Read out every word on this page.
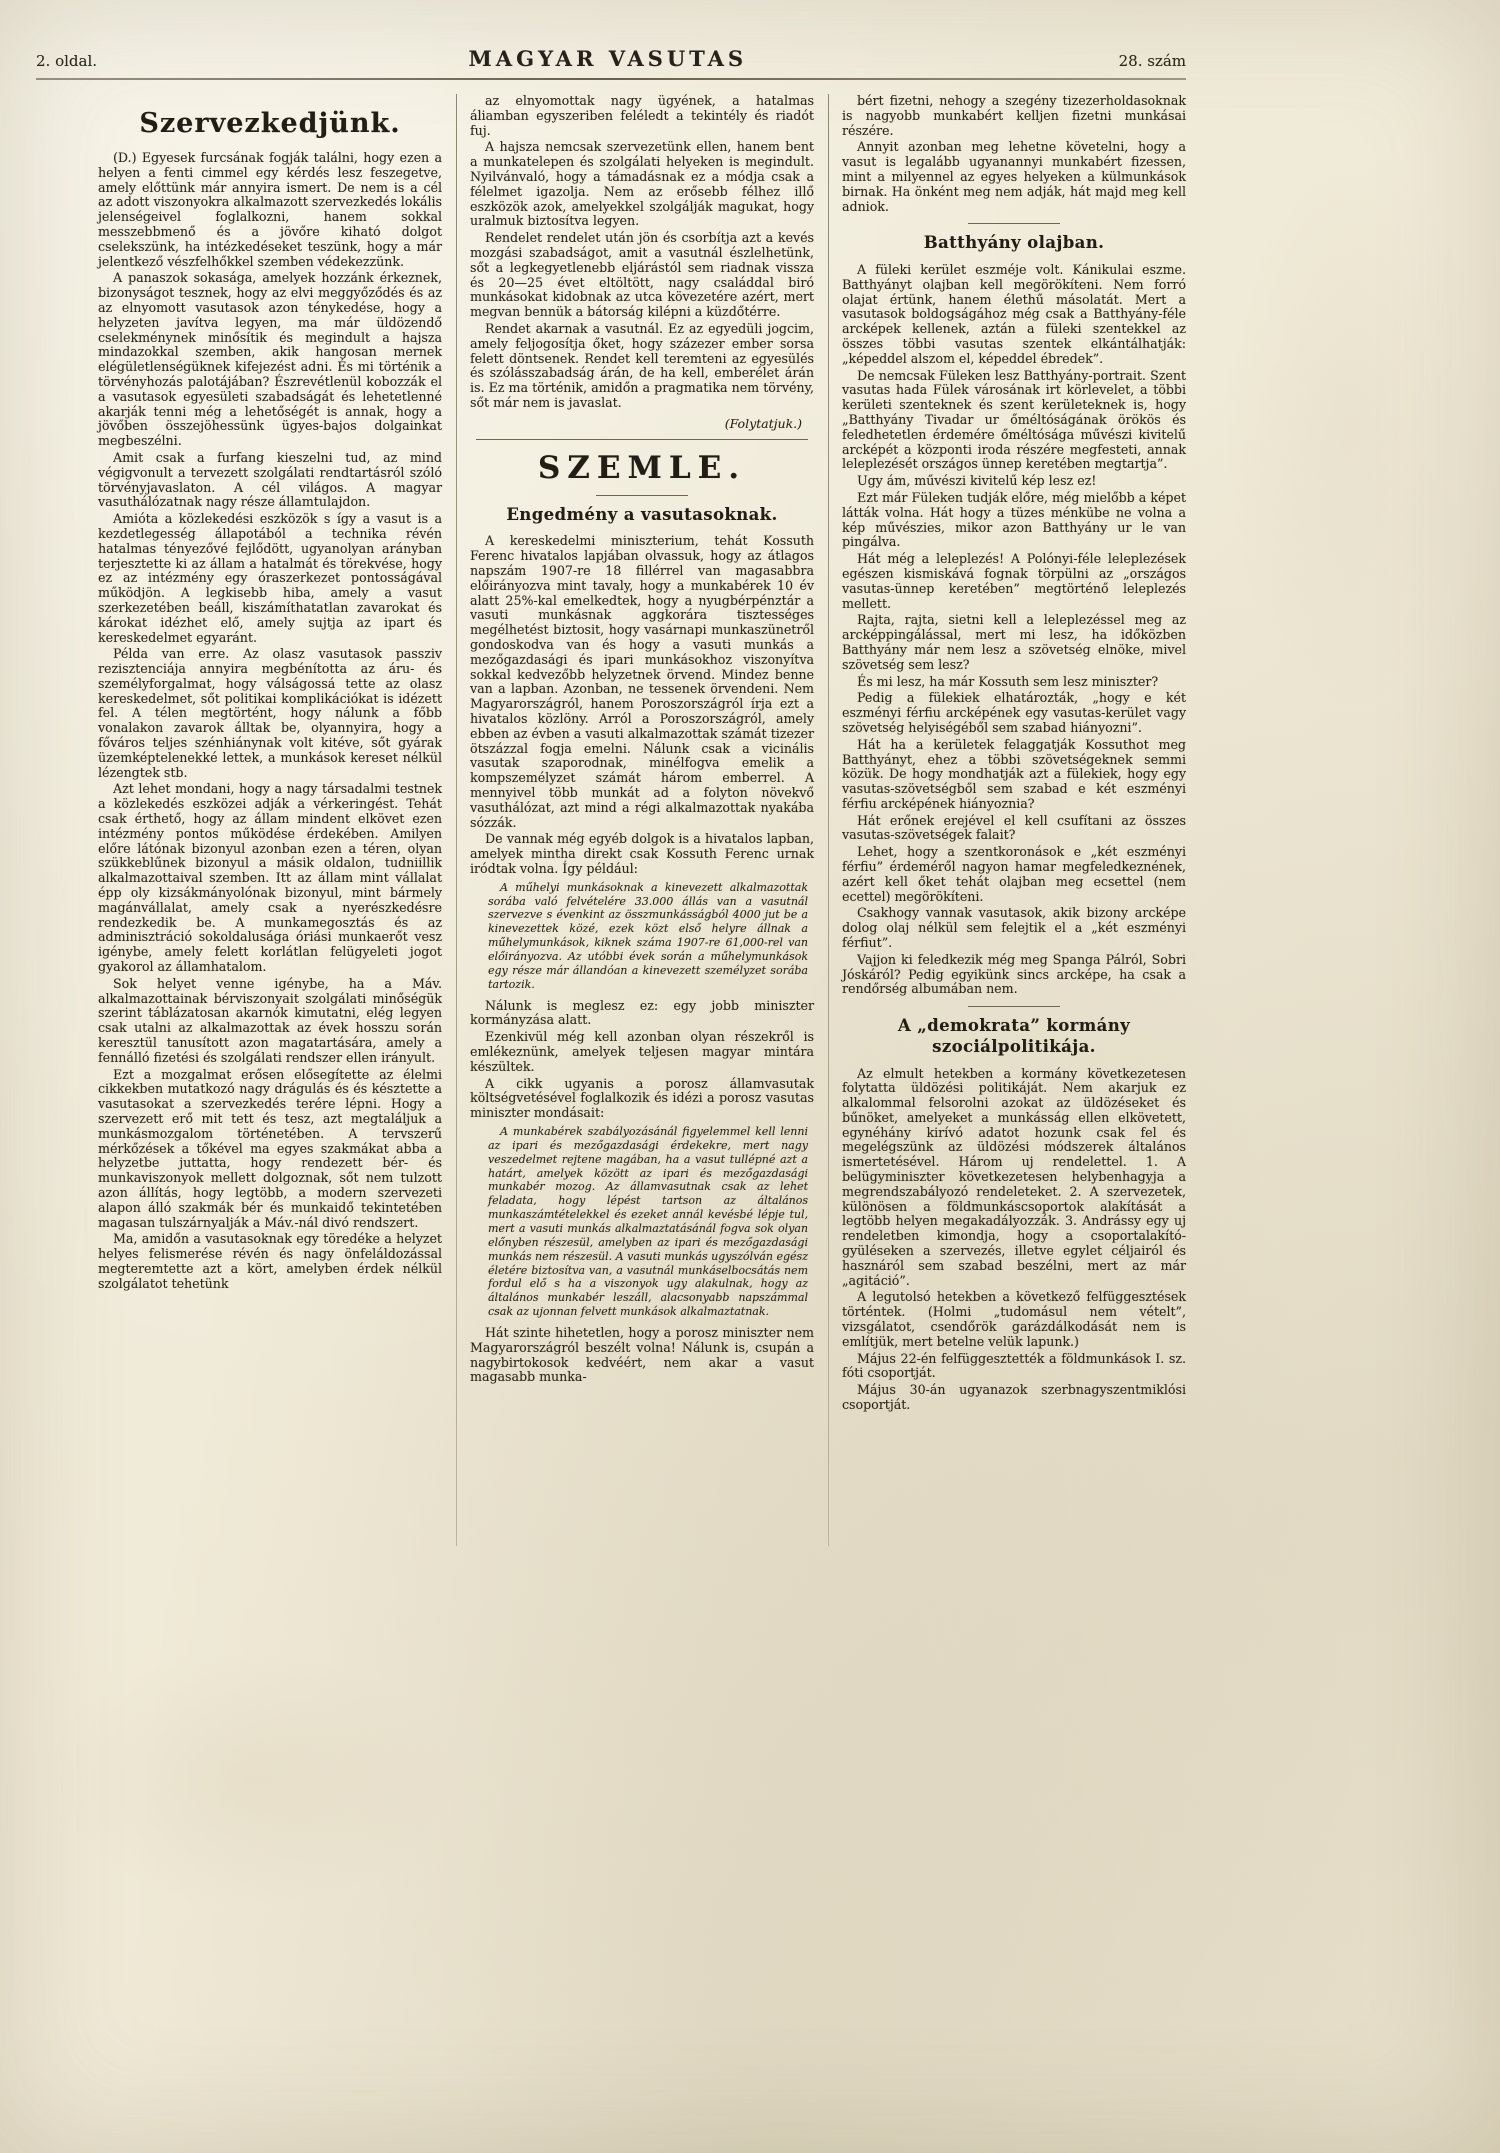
2. oldal.	MAGYAR VASUTAS	28. szám
Szervezkedjünk.

(D.) Egyesek furcsának fogják találni, hogy ezen a helyen a fenti cimmel egy kérdés lesz feszegetve, amely előttünk már annyira ismert. De nem is a cél az adott viszonyokra alkalmazott szervezkedés lokális jelenségeivel foglalkozni, hanem sokkal messzebbmenő és a jövőre kiható dolgot cselekszünk, ha intézkedéseket teszünk, hogy a már jelentkező vészfelhőkkel szemben védekezzünk.

A panaszok sokasága, amelyek hozzánk érkeznek, bizonyságot tesznek, hogy az elvi meggyőződés és az az elnyomott vasutasok azon ténykedése, hogy a helyzeten javítva legyen, ma már üldözendő cselekménynek minősítik és megindult a hajsza mindazokkal szemben, akik hangosan mernek elégületlenségüknek kifejezést adni. És mi történik a törvényhozás palotájában? Észrevétlenül kobozzák el a vasutasok egyesületi szabadságát és lehetetlenné akarják tenni még a lehetőségét is annak, hogy a jövőben összejöhessünk ügyes-bajos dolgainkat megbeszélni.

Amit csak a furfang kieszelni tud, az mind végigvonult a tervezett szolgálati rendtartásról szóló törvényjavaslaton. A cél világos. A magyar vasuthálózatnak nagy része államtulajdon.

Amióta a közlekedési eszközök s így a vasut is a kezdetlegesség állapotából a technika révén hatalmas tényezővé fejlődött, ugyanolyan arányban terjesztette ki az állam a hatalmát és törekvése, hogy ez az intézmény egy óraszerkezet pontosságával működjön. A legkisebb hiba, amely a vasut szerkezetében beáll, kiszámíthatatlan zavarokat és károkat idézhet elő, amely sujtja az ipart és kereskedelmet egyaránt.

Példa van erre. Az olasz vasutasok passziv rezisztenciája annyira megbénította az áru- és személyforgalmat, hogy válságossá tette az olasz kereskedelmet, sőt politikai komplikációkat is idézett fel. A télen megtörtént, hogy nálunk a főbb vonalakon zavarok álltak be, olyannyira, hogy a főváros teljes szénhiánynak volt kitéve, sőt gyárak üzemképtelenekké lettek, a munkások kereset nélkül lézengtek stb.

Azt lehet mondani, hogy a nagy társadalmi testnek a közlekedés eszközei adják a vérkeringést. Tehát csak érthető, hogy az állam mindent elkövet ezen intézmény pontos működése érdekében. Amilyen előre látónak bizonyul azonban ezen a téren, olyan szükkeblűnek bizonyul a másik oldalon, tudniillik alkalmazottaival szemben. Itt az állam mint vállalat épp oly kizsákmányolónak bizonyul, mint bármely magánvállalat, amely csak a nyerészkedésre rendezkedik be. A munkamegosztás és az adminisztráció sokoldalusága óriási munkaerőt vesz igénybe, amely felett korlátlan felügyeleti jogot gyakorol az államhatalom.

Sok helyet venne igénybe, ha a Máv. alkalmazottainak bérviszonyait szolgálati minőségük szerint táblázatosan akarnók kimutatni, elég legyen csak utalni az alkalmazottak az évek hosszu során keresztül tanusított azon magatartására, amely a fennálló fizetési és szolgálati rendszer ellen irányult.

Ezt a mozgalmat erősen elősegítette az élelmi cikkekben mutatkozó nagy drágulás és és késztette a vasutasokat a szervezkedés terére lépni. Hogy a szervezett erő mit tett és tesz, azt megtaláljuk a munkásmozgalom történetében. A tervszerű mérkőzések a tőkével ma egyes szakmákat abba a helyzetbe juttatta, hogy rendezett bér- és munkaviszonyok mellett dolgoznak, sőt nem tulzott azon állítás, hogy legtöbb, a modern szervezeti alapon álló szakmák bér és munkaidő tekintetében magasan tulszárnyalják a Máv.-nál divó rendszert.

Ma, amidőn a vasutasoknak egy töredéke a helyzet helyes felismerése révén és nagy önfeláldozással megteremtette azt a kört, amelyben érdek nélkül szolgálatot tehetünk

az elnyomottak nagy ügyének, a hatalmas áliamban egyszeriben feléledt a tekintély és riadót fuj.

A hajsza nemcsak szervezetünk ellen, hanem bent a munkatelepen és szolgálati helyeken is megindult. Nyilvánvaló, hogy a támadásnak ez a módja csak a félelmet igazolja. Nem az erősebb félhez illő eszközök azok, amelyekkel szolgálják magukat, hogy uralmuk biztosítva legyen.

Rendelet rendelet után jön és csorbítja azt a kevés mozgási szabadságot, amit a vasutnál észlelhetünk, sőt a legkegyetlenebb eljárástól sem riadnak vissza és 20—25 évet eltöltött, nagy családdal biró munkásokat kidobnak az utca kövezetére azért, mert megvan bennük a bátorság kilépni a küzdőtérre.

Rendet akarnak a vasutnál. Ez az egyedüli jogcim, amely feljogosítja őket, hogy százezer ember sorsa felett döntsenek. Rendet kell teremteni az egyesülés és szólásszabadság árán, de ha kell, emberélet árán is. Ez ma történik, amidőn a pragmatika nem törvény, sőt már nem is javaslat.

(Folytatjuk.)

SZEMLE.
Engedmény a vasutasoknak.

A kereskedelmi miniszterium, tehát Kossuth Ferenc hivatalos lapjában olvassuk, hogy az átlagos napszám 1907-re 18 fillérrel van magasabbra előirányozva mint tavaly, hogy a munkabérek 10 év alatt 25%-kal emelkedtek, hogy a nyugbérpénztár a vasuti munkásnak aggkorára tisztességes megélhetést biztosit, hogy vasárnapi munkaszünetről gondoskodva van és hogy a vasuti munkás a mezőgazdasági és ipari munkásokhoz viszonyítva sokkal kedvezőbb helyzetnek örvend. Mindez benne van a lapban. Azonban, ne tessenek örvendeni. Nem Magyarországról, hanem Poroszországról írja ezt a hivatalos közlöny. Arról a Poroszországról, amely ebben az évben a vasuti alkalmazottak számát tizezer ötszázzal fogja emelni. Nálunk csak a vicinális vasutak szaporodnak, minélfogva emelik a kompszemélyzet számát három emberrel. A mennyivel több munkát ad a folyton növekvő vasuthálózat, azt mind a régi alkalmazottak nyakába sózzák.

De vannak még egyéb dolgok is a hivatalos lapban, amelyek mintha direkt csak Kossuth Ferenc urnak iródtak volna. Így például:

A műhelyi munkásoknak a kinevezett alkalmazottak sorába való felvételére 33.000 állás van a vasutnál szervezve s évenkint az összmunkásságból 4000 jut be a kinevezettek közé, ezek közt első helyre állnak a műhelymunkások, kiknek száma 1907-re 61,000-rel van előirányozva. Az utóbbi évek során a műhelymunkások egy része már állandóan a kinevezett személyzet sorába tartozik.

Nálunk is meglesz ez: egy jobb miniszter kormányzása alatt.

Ezenkivül még kell azonban olyan részekről is emlékeznünk, amelyek teljesen magyar mintára készültek.

A cikk ugyanis a porosz államvasutak költségvetésével foglalkozik és idézi a porosz vasutas miniszter mondásait:

A munkabérek szabályozásánál figyelemmel kell lenni az ipari és mezőgazdasági érdekekre, mert nagy veszedelmet rejtene magában, ha a vasut tullépné azt a határt, amelyek között az ipari és mezőgazdasági munkabér mozog. Az államvasutnak csak az lehet feladata, hogy lépést tartson az általános munkaszámtételekkel és ezeket annál kevésbé lépje tul, mert a vasuti munkás alkalmaztatásánál fogva sok olyan előnyben részesül, amelyben az ipari és mezőgazdasági munkás nem részesül. A vasuti munkás ugyszólván egész életére biztosítva van, a vasutnál munkáselbocsátás nem fordul elő s ha a viszonyok ugy alakulnak, hogy az általános munkabér leszáll, alacsonyabb napszámmal csak az ujonnan felvett munkások alkalmaztatnak.

Hát szinte hihetetlen, hogy a porosz miniszter nem Magyarországról beszélt volna! Nálunk is, csupán a nagybirtokosok kedvéért, nem akar a vasut magasabb munka-

bért fizetni, nehogy a szegény tizezerholdasoknak is nagyobb munkabért kelljen fizetni munkásai részére.

Annyit azonban meg lehetne követelni, hogy a vasut is legalább ugyanannyi munkabért fizessen, mint a milyennel az egyes helyeken a külmunkások birnak. Ha önként meg nem adják, hát majd meg kell adniok.

Batthyány olajban.

A füleki kerület eszméje volt. Kánikulai eszme. Batthyányt olajban kell megörökíteni. Nem forró olajat értünk, hanem élethű másolatát. Mert a vasutasok boldogságához még csak a Batthyány-féle arcképek kellenek, aztán a füleki szentekkel az összes többi vasutas szentek elkántálhatják: „képeddel alszom el, képeddel ébredek”.

De nemcsak Füleken lesz Batthyány-portrait. Szent vasutas hada Fülek városának irt körlevelet, a többi kerületi szenteknek és szent kerületeknek is, hogy „Batthyány Tivadar ur őméltóságának örökös és feledhetetlen érdemére őméltósága művészi kivitelű arcképét a központi iroda részére megfesteti, annak leleplezését országos ünnep keretében megtartja”.

Ugy ám, művészi kivitelű kép lesz ez!

Ezt már Füleken tudják előre, még mielőbb a képet látták volna. Hát hogy a tüzes ménkübe ne volna a kép művészies, mikor azon Batthyány ur le van pingálva.

Hát még a leleplezés! A Polónyi-féle leleplezések egészen kismiskává fognak törpülni az „országos vasutas-ünnep keretében” megtörténő leleplezés mellett.

Rajta, rajta, sietni kell a leleplezéssel meg az arcképpingálással, mert mi lesz, ha időközben Batthyány már nem lesz a szövetség elnöke, mivel szövetség sem lesz?

És mi lesz, ha már Kossuth sem lesz miniszter?

Pedig a fülekiek elhatározták, „hogy e két eszményi férfiu arcképének egy vasutas-kerület vagy szövetség helyiségéből sem szabad hiányozni”.

Hát ha a kerületek felaggatják Kossuthot meg Batthyányt, ehez a többi szövetségeknek semmi közük. De hogy mondhatják azt a fülekiek, hogy egy vasutas-szövetségből sem szabad e két eszményi férfiu arcképének hiányoznia?

Hát erőnek erejével el kell csufítani az összes vasutas-szövetségek falait?

Lehet, hogy a szentkoronások e „két eszményi férfiu” érdeméről nagyon hamar megfeledkeznének, azért kell őket tehát olajban meg ecsettel (nem ecettel) megörökíteni.

Csakhogy vannak vasutasok, akik bizony arcképe dolog olaj nélkül sem felejtik el a „két eszményi férfiut”.

Vajjon ki feledkezik még meg Spanga Pálról, Sobri Jóskáról? Pedig egyikünk sincs arcképe, ha csak a rendőrség albumában nem.

A „demokrata” kormány szociálpolitikája.

Az elmult hetekben a kormány következetesen folytatta üldözési politikáját. Nem akarjuk ez alkalommal felsorolni azokat az üldözéseket és bűnöket, amelyeket a munkásság ellen elkövetett, egynéhány kirívó adatot hozunk csak fel és megelégszünk az üldözési módszerek általános ismertetésével. Három uj rendelettel. 1. A belügyminiszter következetesen helybenhagyja a megrendszabályozó rendeleteket. 2. A szervezetek, különösen a földmunkáscsoportok alakítását a legtöbb helyen megakadályozzák. 3. Andrássy egy uj rendeletben kimondja, hogy a csoportalakító-gyüléseken a szervezés, illetve egylet céljairól és hasznáról sem szabad beszélni, mert az már „agitáció”.

A legutolsó hetekben a következő felfüggesztések történtek. (Holmi „tudomásul nem vételt”, vizsgálatot, csendőrök garázdálkodását nem is említjük, mert betelne velük lapunk.)

Május 22-én felfüggesztették a földmunkások I. sz. fóti csoportját.

Május 30-án ugyanazok szerbnagyszentmiklósi csoportját.
